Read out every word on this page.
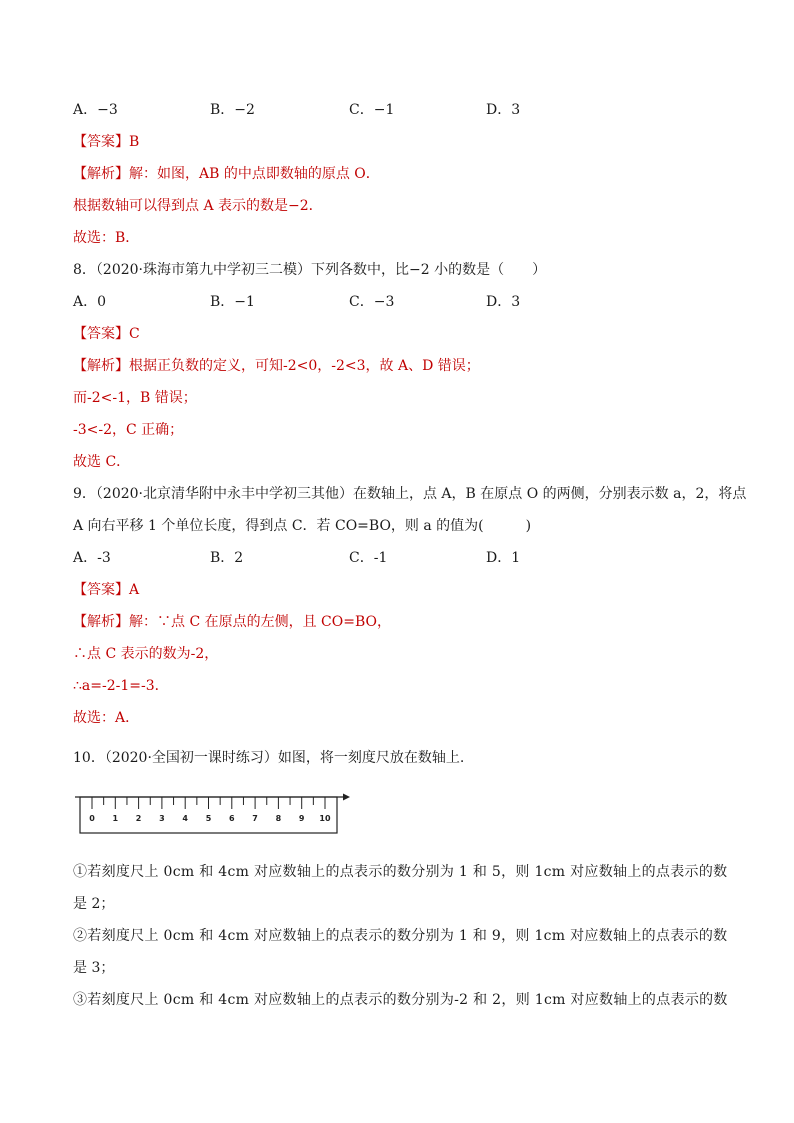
A．−3	B．−2	C．−1	D．3
【答案】B
【解析】解：如图，AB 的中点即数轴的原点 O．
根据数轴可以得到点 A 表示的数是−2．
故选：B．
8．（2020·珠海市第九中学初三二模）下列各数中，比−2 小的数是（　　）
A．0	B．−1	C．−3	D．3
【答案】C
【解析】根据正负数的定义，可知-2<0，-2<3，故 A、D 错误；
而-2<-1，B 错误；
-3<-2，C 正确；
故选 C．
9．（2020·北京清华附中永丰中学初三其他）在数轴上，点 A，B 在原点 O 的两侧，分别表示数 a，2，将点
A 向右平移 1 个单位长度，得到点 C．若 CO=BO，则 a 的值为(　　　)
A．-3	B．2	C．-1	D．1
【答案】A
【解析】解：∵点 C 在原点的左侧，且 CO=BO，
∴点 C 表示的数为-2，
∴a=-2-1=-3．
故选：A．
10．（2020·全国初一课时练习）如图，将一刻度尺放在数轴上.
0 1 2 3 4 5 6 7 8 9 10
①若刻度尺上 0cm 和 4cm 对应数轴上的点表示的数分别为 1 和 5，则 1cm 对应数轴上的点表示的数
是 2；
②若刻度尺上 0cm 和 4cm 对应数轴上的点表示的数分别为 1 和 9，则 1cm 对应数轴上的点表示的数
是 3；
③若刻度尺上 0cm 和 4cm 对应数轴上的点表示的数分别为-2 和 2，则 1cm 对应数轴上的点表示的数
